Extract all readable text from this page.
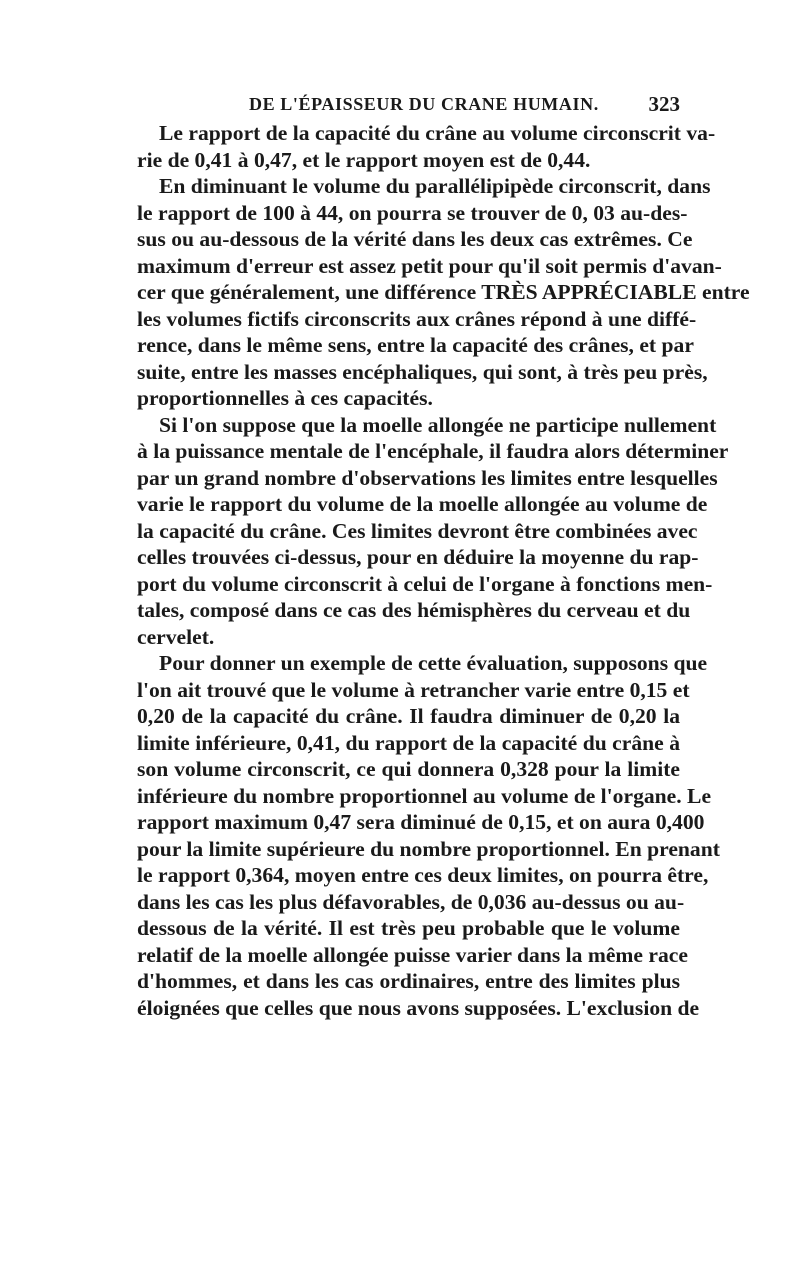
DE L'ÉPAISSEUR DU CRANE HUMAIN. 323
Le rapport de la capacité du crâne au volume circonscrit va-
rie de 0,41 à 0,47, et le rapport moyen est de 0,44.
En diminuant le volume du parallélipipède circonscrit, dans
le rapport de 100 à 44, on pourra se trouver de 0, 03 au-des-
sus ou au-dessous de la vérité dans les deux cas extrêmes. Ce
maximum d'erreur est assez petit pour qu'il soit permis d'avan-
cer que généralement, une différence TRÈS APPRÉCIABLE entre
les volumes fictifs circonscrits aux crânes répond à une diffé-
rence, dans le même sens, entre la capacité des crânes, et par
suite, entre les masses encéphaliques, qui sont, à très peu près,
proportionnelles à ces capacités.
Si l'on suppose que la moelle allongée ne participe nullement
à la puissance mentale de l'encéphale, il faudra alors déterminer
par un grand nombre d'observations les limites entre lesquelles
varie le rapport du volume de la moelle allongée au volume de
la capacité du crâne. Ces limites devront être combinées avec
celles trouvées ci-dessus, pour en déduire la moyenne du rap-
port du volume circonscrit à celui de l'organe à fonctions men-
tales, composé dans ce cas des hémisphères du cerveau et du
cervelet.
Pour donner un exemple de cette évaluation, supposons que
l'on ait trouvé que le volume à retrancher varie entre 0,15 et
0,20 de la capacité du crâne. Il faudra diminuer de 0,20 la
limite inférieure, 0,41, du rapport de la capacité du crâne à
son volume circonscrit, ce qui donnera 0,328 pour la limite
inférieure du nombre proportionnel au volume de l'organe. Le
rapport maximum 0,47 sera diminué de 0,15, et on aura 0,400
pour la limite supérieure du nombre proportionnel. En prenant
le rapport 0,364, moyen entre ces deux limites, on pourra être,
dans les cas les plus défavorables, de 0,036 au-dessus ou au-
dessous de la vérité. Il est très peu probable que le volume
relatif de la moelle allongée puisse varier dans la même race
d'hommes, et dans les cas ordinaires, entre des limites plus
éloignées que celles que nous avons supposées. L'exclusion de
